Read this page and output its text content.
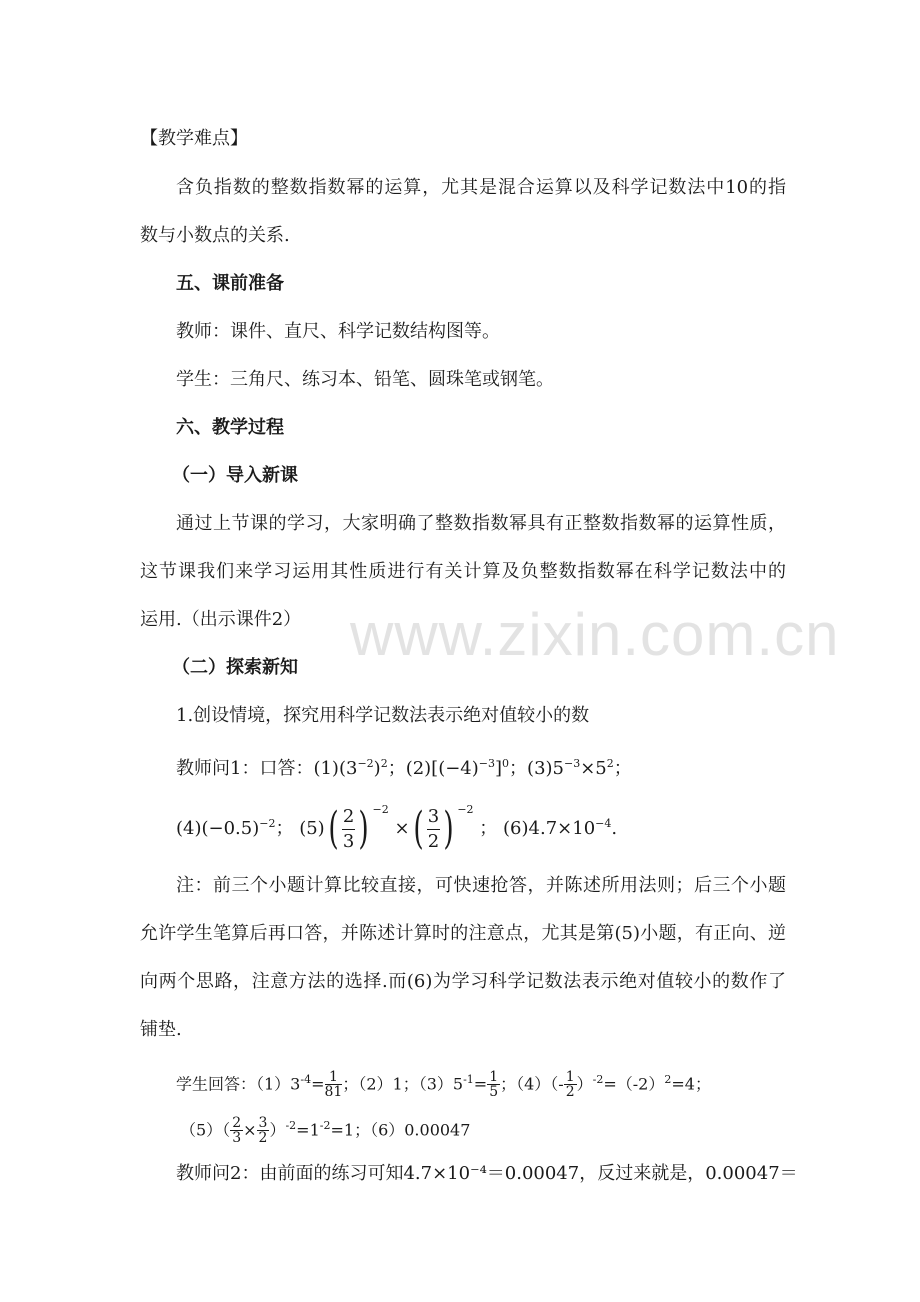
www.zixin.com.cn
【教学难点】
含负指数的整数指数幂的运算，尤其是混合运算以及科学记数法中10的指
数与小数点的关系.
五、课前准备
教师：课件、直尺、科学记数结构图等。
学生：三角尺、练习本、铅笔、圆珠笔或钢笔。
六、教学过程
（一）导入新课
通过上节课的学习，大家明确了整数指数幂具有正整数指数幂的运算性质，
这节课我们来学习运用其性质进行有关计算及负整数指数幂在科学记数法中的
运用.（出示课件2）
（二）探索新知
1.创设情境，探究用科学记数法表示绝对值较小的数
教师问1：口答：$(1)(3^{-2})^2$；$(2)[(-4)^{-3}]^0$；$(3)5^{-3}\times 5^2$；
$(4)(-0.5)^{-2}$； $(5)( \frac{2}{3}$ ) $^{-2}$ ×( $\frac{3}{2}$ ) $^{-2}$ ； $(6)4.7\times 10^{-4}$.
注：前三个小题计算比较直接，可快速抢答，并陈述所用法则；后三个小题
允许学生笔算后再口答，并陈述计算时的注意点，尤其是第(5)小题，有正向、逆
向两个思路，注意方法的选择.而(6)为学习科学记数法表示绝对值较小的数作了
铺垫.
学生回答：$(1)3^{-4}= \frac{1}{81}$ ；（2）1；$(3)5^{-1}= \frac{1}{5}$ ；$(4)(- \frac{1}{2} )^{-2}=(-2)^2=4$；
$(5)( \frac{2}{3} \times \frac{3}{2} )^{-2}=1^{-2}=1$；（6）0.00047
教师问2：由前面的练习可知4.7×10⁻⁴＝0.00047，反过来就是，0.00047＝
